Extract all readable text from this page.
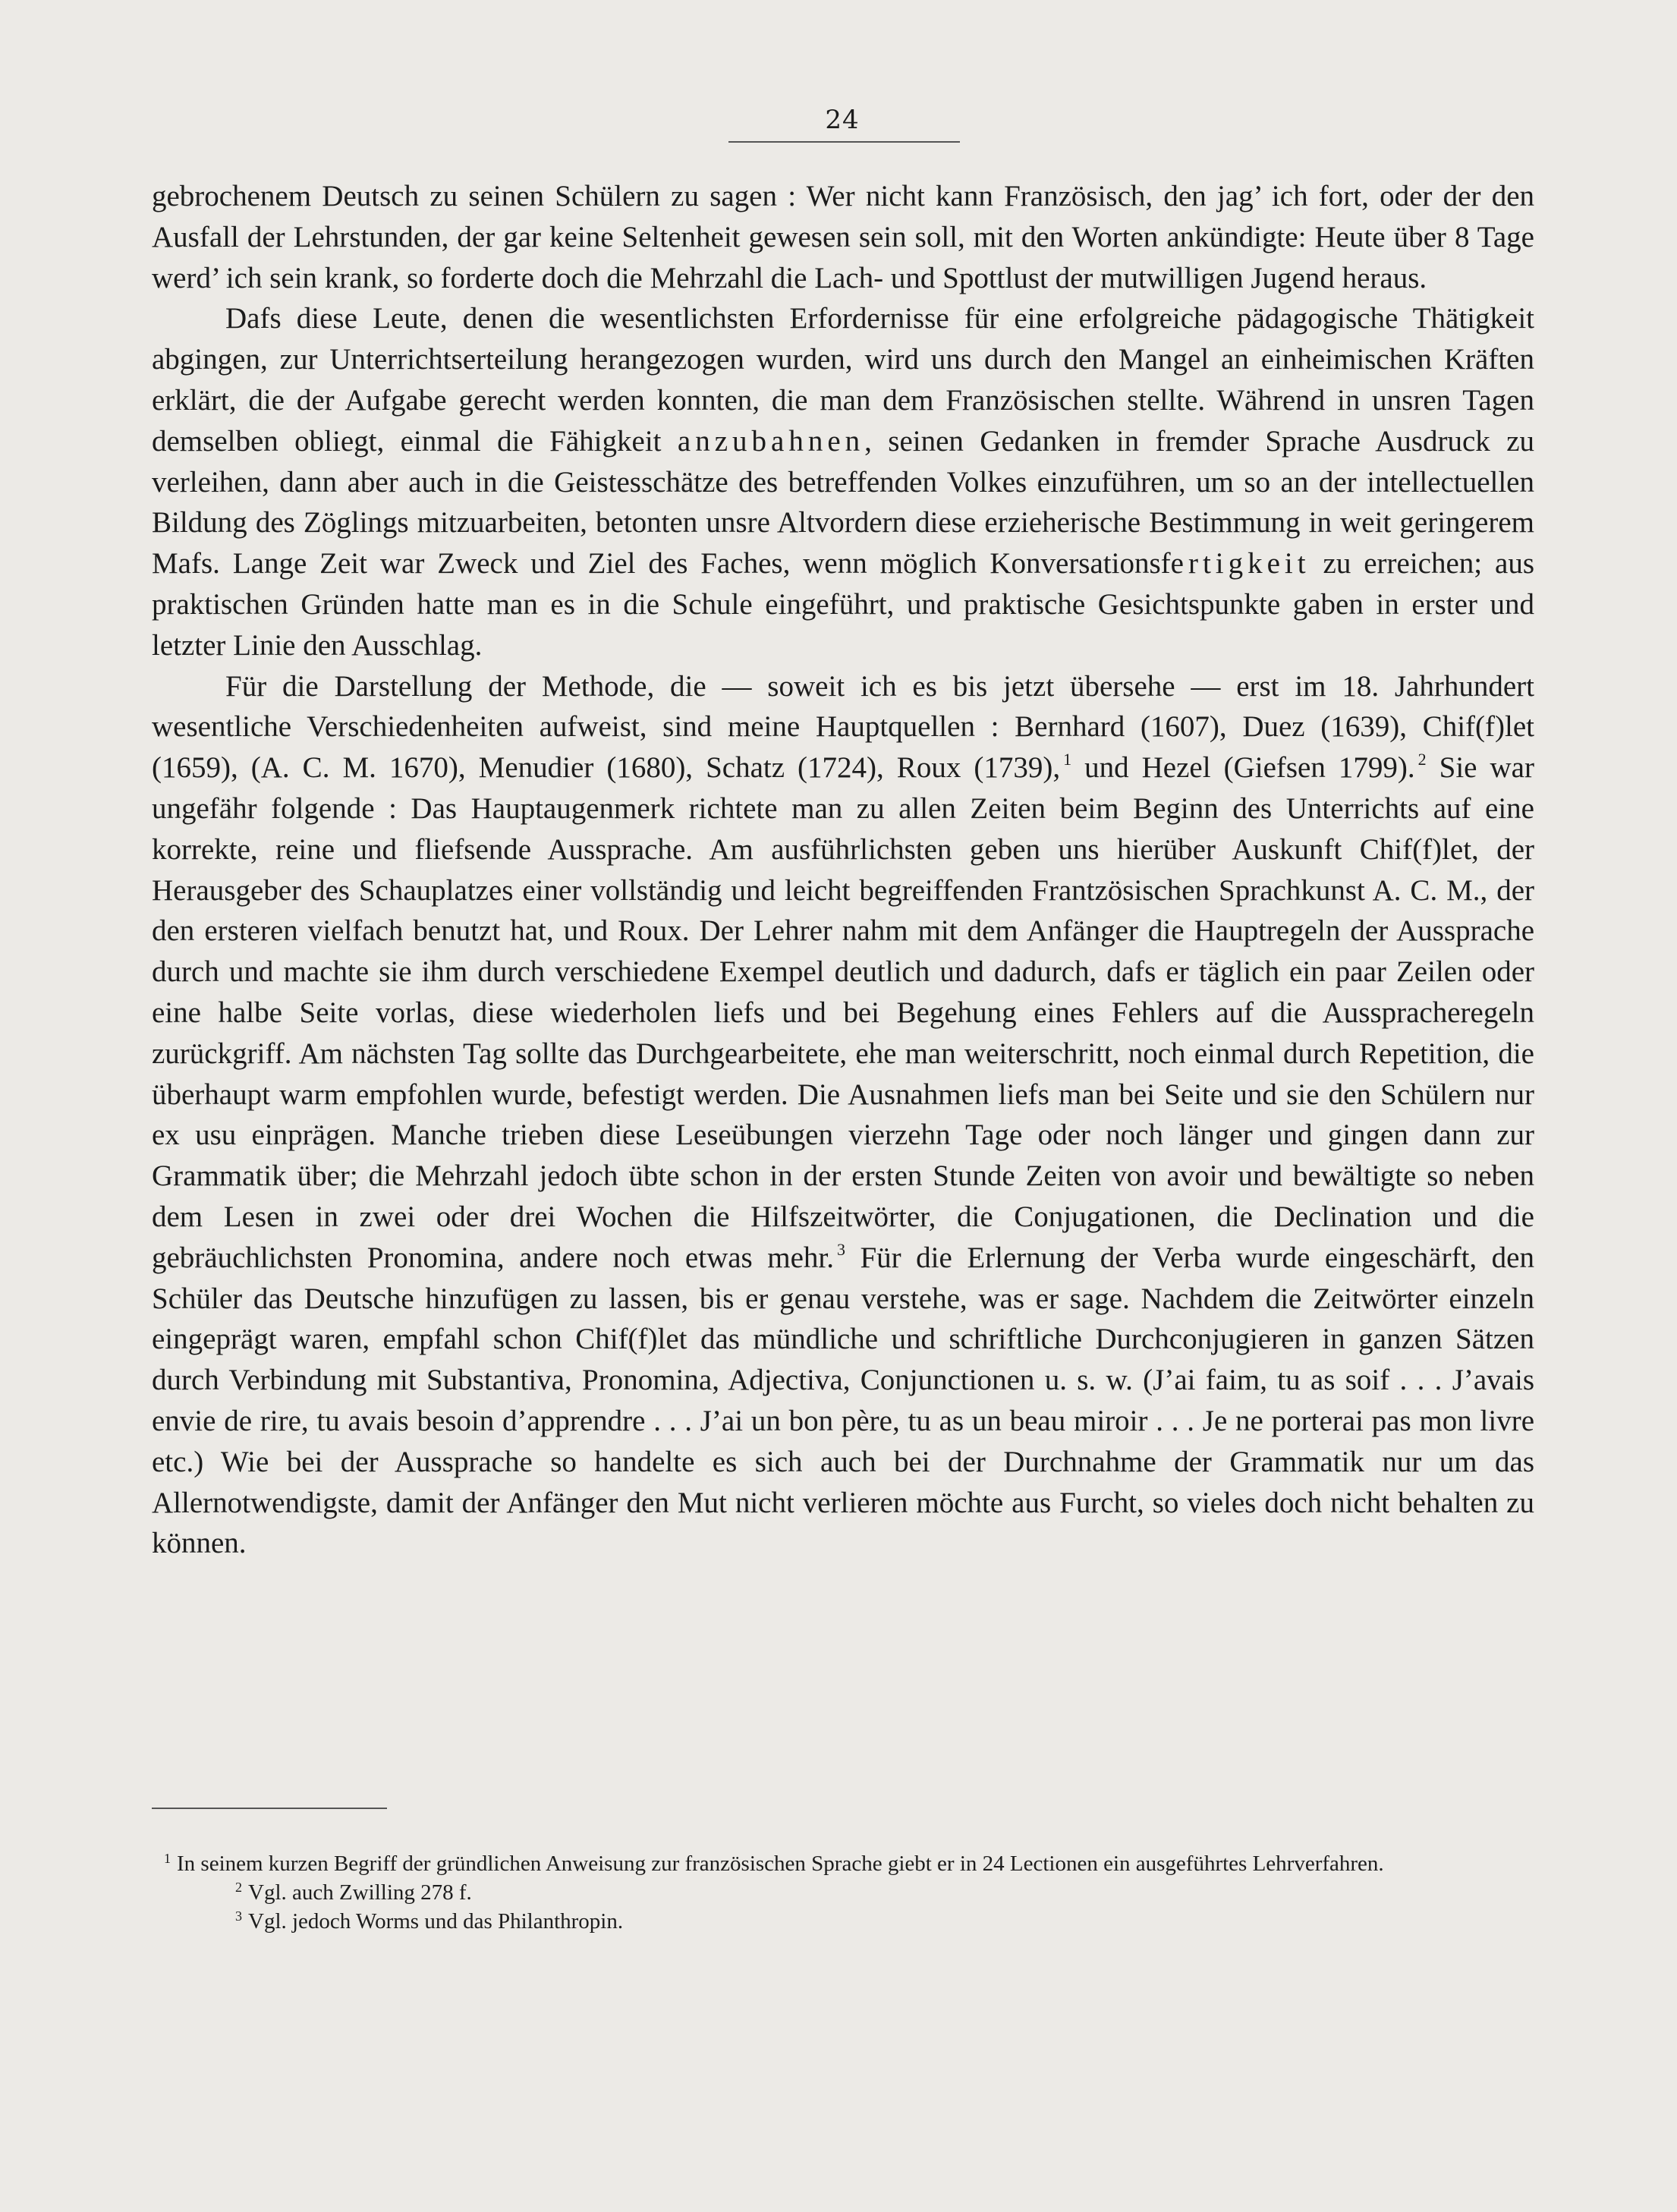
24

gebrochenem Deutsch zu seinen Schülern zu sagen : Wer nicht kann Französisch, den jag’ ich fort, oder der den Ausfall der Lehrstunden, der gar keine Seltenheit gewesen sein soll, mit den Worten ankündigte: Heute über 8 Tage werd’ ich sein krank, so forderte doch die Mehrzahl die Lach- und Spottlust der mutwilligen Jugend heraus.

Dafs diese Leute, denen die wesentlichsten Erfordernisse für eine erfolgreiche pädagogische Thätigkeit abgingen, zur Unterrichtserteilung herangezogen wurden, wird uns durch den Mangel an einheimischen Kräften erklärt, die der Aufgabe gerecht werden konnten, die man dem Französischen stellte. Während in unsren Tagen demselben obliegt, einmal die Fähigkeit anzubahnen, seinen Gedanken in fremder Sprache Ausdruck zu verleihen, dann aber auch in die Geistesschätze des betreffenden Volkes einzuführen, um so an der intellectuellen Bildung des Zöglings mitzuarbeiten, betonten unsre Altvordern diese erzieherische Bestimmung in weit geringerem Mafs. Lange Zeit war Zweck und Ziel des Faches, wenn möglich Konversationsfertigkeit zu erreichen; aus praktischen Gründen hatte man es in die Schule eingeführt, und praktische Gesichtspunkte gaben in erster und letzter Linie den Ausschlag.

Für die Darstellung der Methode, die — soweit ich es bis jetzt übersehe — erst im 18. Jahrhundert wesentliche Verschiedenheiten aufweist, sind meine Hauptquellen : Bernhard (1607), Duez (1639), Chif(f)let (1659), (A. C. M. 1670), Menudier (1680), Schatz (1724), Roux (1739), $^1$ und Hezel (Giefsen 1799). $^2$ Sie war ungefähr folgende : Das Hauptaugenmerk richtete man zu allen Zeiten beim Beginn des Unterrichts auf eine korrekte, reine und fliefsende Aussprache. Am ausführlichsten geben uns hierüber Auskunft Chif(f)let, der Herausgeber des Schauplatzes einer vollständig und leicht begreiffenden Frantzösischen Sprachkunst A. C. M., der den ersteren vielfach benutzt hat, und Roux. Der Lehrer nahm mit dem Anfänger die Hauptregeln der Aussprache durch und machte sie ihm durch verschiedene Exempel deutlich und dadurch, dafs er täglich ein paar Zeilen oder eine halbe Seite vorlas, diese wiederholen liefs und bei Begehung eines Fehlers auf die Ausspracheregeln zurückgriff. Am nächsten Tag sollte das Durchgearbeitete, ehe man weiterschritt, noch einmal durch Repetition, die überhaupt warm empfohlen wurde, befestigt werden. Die Ausnahmen liefs man bei Seite und sie den Schülern nur ex usu einprägen. Manche trieben diese Leseübungen vierzehn Tage oder noch länger und gingen dann zur Grammatik über; die Mehrzahl jedoch übte schon in der ersten Stunde Zeiten von avoir und bewältigte so neben dem Lesen in zwei oder drei Wochen die Hilfszeitwörter, die Conjugationen, die Declination und die gebräuchlichsten Pronomina, andere noch etwas mehr. $^3$ Für die Erlernung der Verba wurde eingeschärft, den Schüler das Deutsche hinzufügen zu lassen, bis er genau verstehe, was er sage. Nachdem die Zeitwörter einzeln eingeprägt waren, empfahl schon Chif(f)let das mündliche und schriftliche Durchconjugieren in ganzen Sätzen durch Verbindung mit Substantiva, Pronomina, Adjectiva, Conjunctionen u. s. w. (J’ai faim, tu as soif . . . J’avais envie de rire, tu avais besoin d’apprendre . . . J’ai un bon père, tu as un beau miroir . . . Je ne porterai pas mon livre etc.) Wie bei der Aussprache so handelte es sich auch bei der Durchnahme der Grammatik nur um das Allernotwendigste, damit der Anfänger den Mut nicht verlieren möchte aus Furcht, so vieles doch nicht behalten zu können.

$^1$ In seinem kurzen Begriff der gründlichen Anweisung zur französischen Sprache giebt er in 24 Lectionen ein ausgeführtes Lehrverfahren.

$^2$ Vgl. auch Zwilling 278 f.

$^3$ Vgl. jedoch Worms und das Philanthropin.
